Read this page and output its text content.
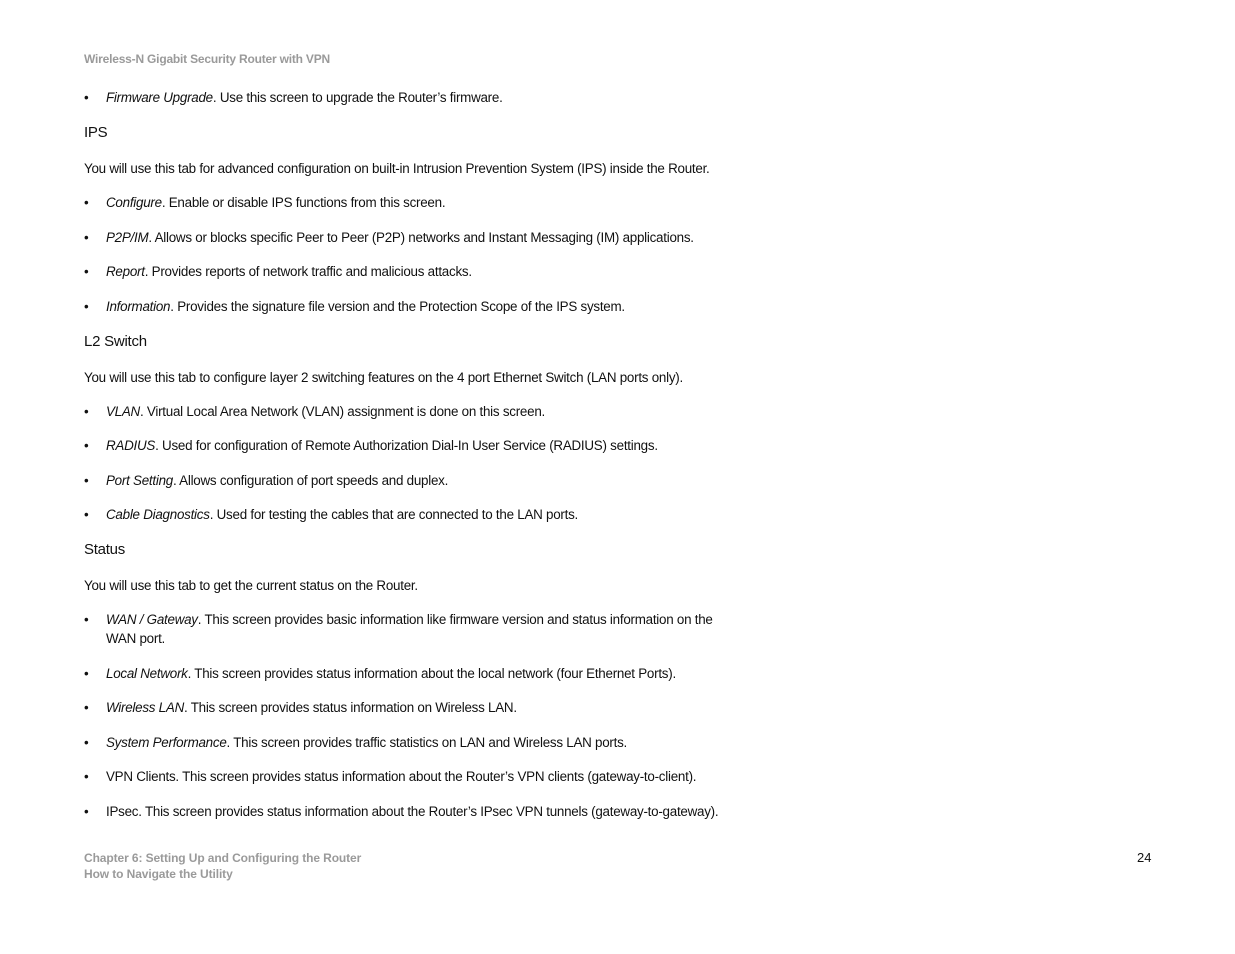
Wireless-N Gigabit Security Router with VPN
• Firmware Upgrade. Use this screen to upgrade the Router’s firmware.
IPS

You will use this tab for advanced configuration on built-in Intrusion Prevention System (IPS) inside the Router.

• Configure. Enable or disable IPS functions from this screen.
• P2P/IM. Allows or blocks specific Peer to Peer (P2P) networks and Instant Messaging (IM) applications.
• Report. Provides reports of network traffic and malicious attacks.
• Information. Provides the signature file version and the Protection Scope of the IPS system.
L2 Switch

You will use this tab to configure layer 2 switching features on the 4 port Ethernet Switch (LAN ports only).

• VLAN. Virtual Local Area Network (VLAN) assignment is done on this screen.
• RADIUS. Used for configuration of Remote Authorization Dial-In User Service (RADIUS) settings.
• Port Setting. Allows configuration of port speeds and duplex.
• Cable Diagnostics. Used for testing the cables that are connected to the LAN ports.
Status

You will use this tab to get the current status on the Router.

• WAN / Gateway. This screen provides basic information like firmware version and status information on the WAN port.
• Local Network. This screen provides status information about the local network (four Ethernet Ports).
• Wireless LAN. This screen provides status information on Wireless LAN.
• System Performance. This screen provides traffic statistics on LAN and Wireless LAN ports.
• VPN Clients. This screen provides status information about the Router’s VPN clients (gateway-to-client).
• IPsec. This screen provides status information about the Router’s IPsec VPN tunnels (gateway-to-gateway).
Chapter 6: Setting Up and Configuring the Router
How to Navigate the Utility
24
